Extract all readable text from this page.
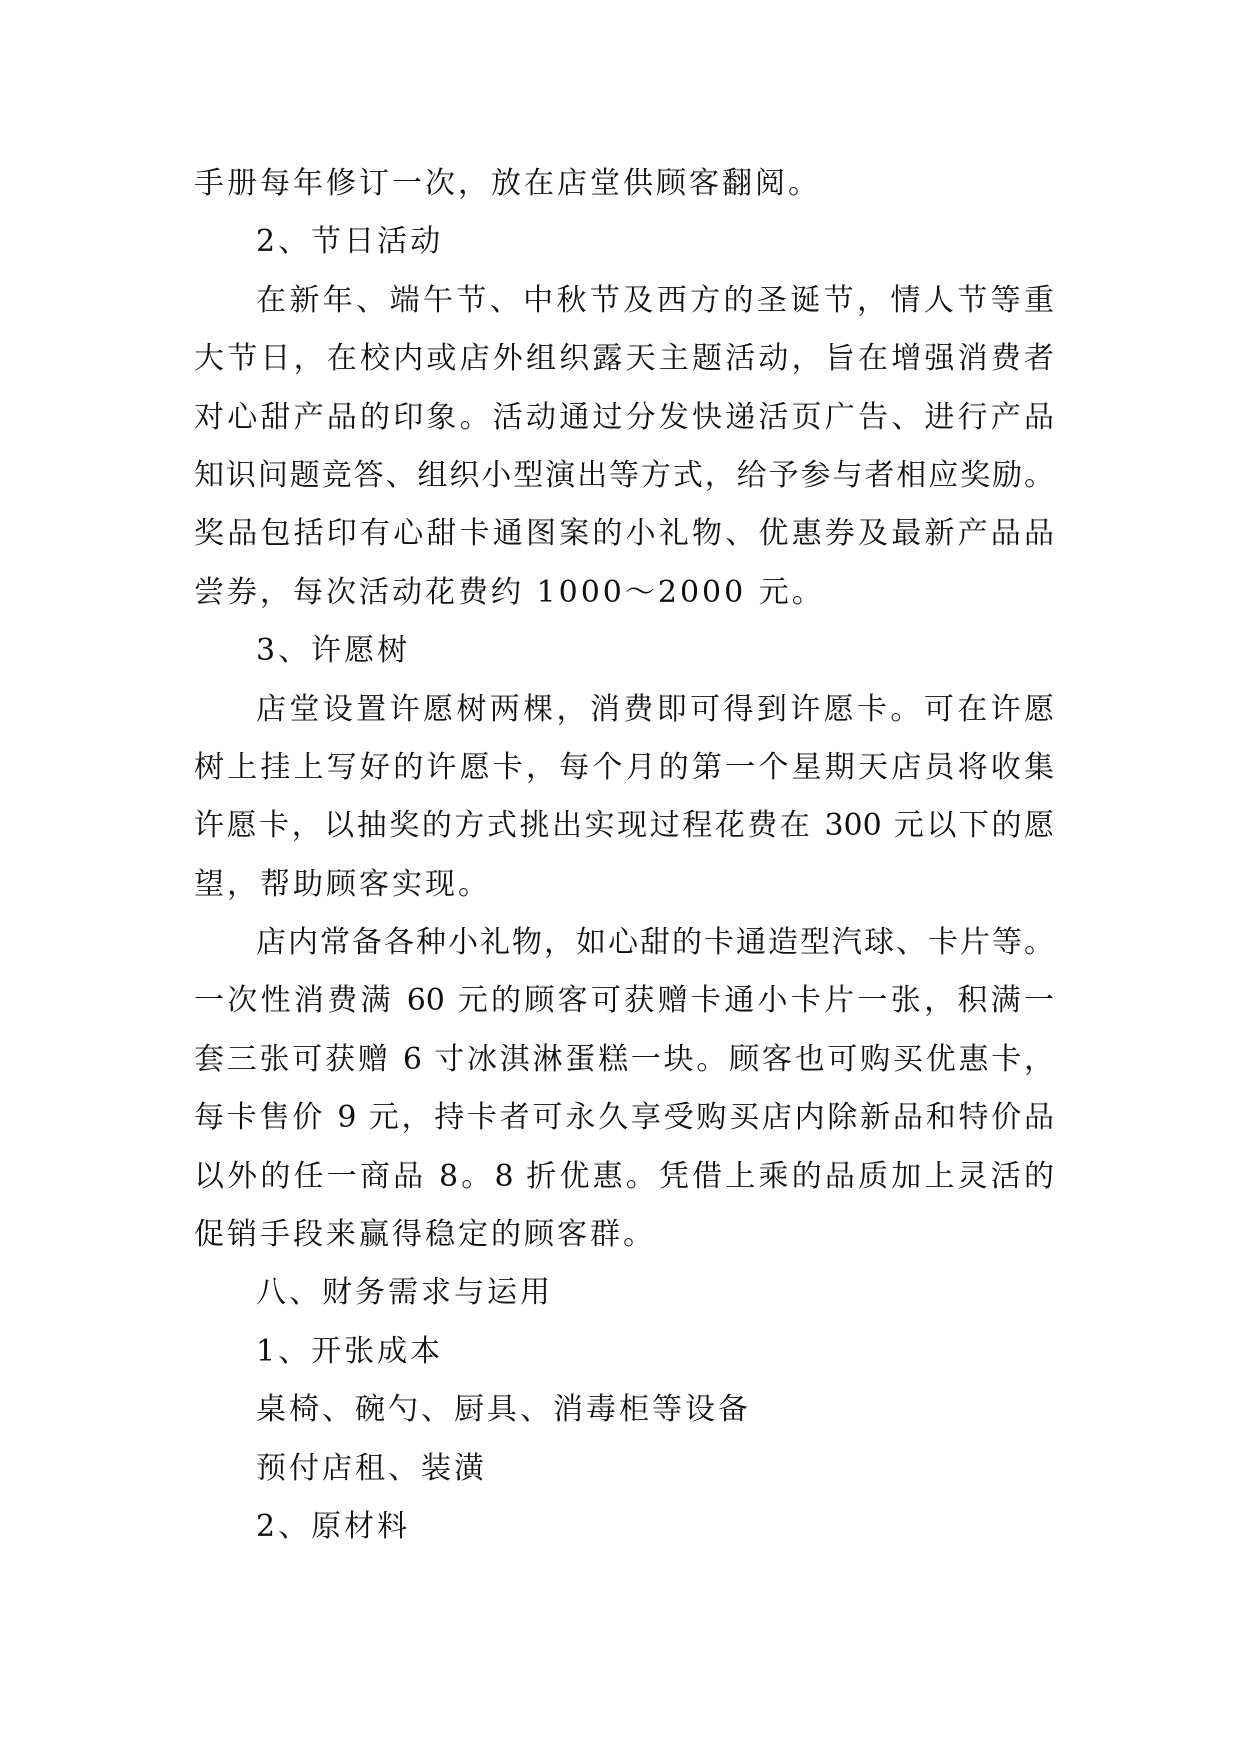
手册每年修订一次，放在店堂供顾客翻阅。
2、节日活动
在新年、端午节、中秋节及西方的圣诞节，情人节等重
大节日，在校内或店外组织露天主题活动，旨在增强消费者
对心甜产品的印象。活动通过分发快递活页广告、进行产品
知识问题竞答、组织小型演出等方式，给予参与者相应奖励。
奖品包括印有心甜卡通图案的小礼物、优惠券及最新产品品
尝券，每次活动花费约 1000～2000 元。
3、许愿树
店堂设置许愿树两棵，消费即可得到许愿卡。可在许愿
树上挂上写好的许愿卡，每个月的第一个星期天店员将收集
许愿卡，以抽奖的方式挑出实现过程花费在 300 元以下的愿
望，帮助顾客实现。
店内常备各种小礼物，如心甜的卡通造型汽球、卡片等。
一次性消费满 60 元的顾客可获赠卡通小卡片一张，积满一
套三张可获赠 6 寸冰淇淋蛋糕一块。顾客也可购买优惠卡，
每卡售价 9 元，持卡者可永久享受购买店内除新品和特价品
以外的任一商品 8。8 折优惠。凭借上乘的品质加上灵活的
促销手段来赢得稳定的顾客群。
八、财务需求与运用
1、开张成本
桌椅、碗勺、厨具、消毒柜等设备
预付店租、装潢
2、原材料
